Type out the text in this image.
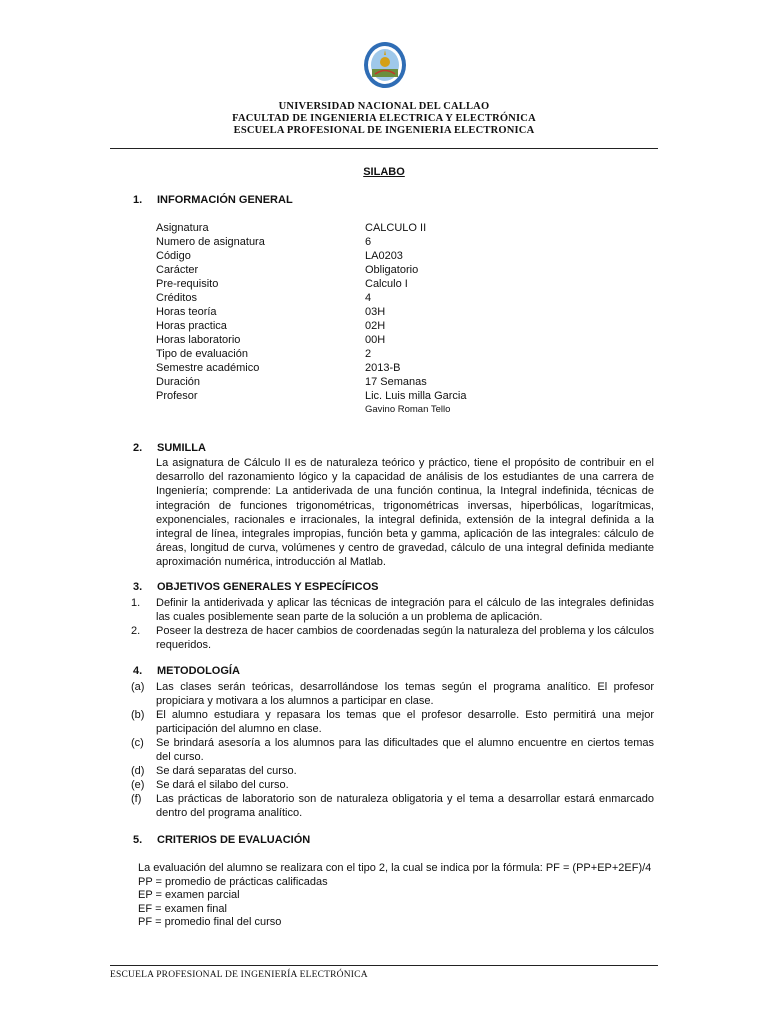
UNIVERSIDAD NACIONAL DEL CALLAO
FACULTAD DE INGENIERIA ELECTRICA Y ELECTRÓNICA
ESCUELA PROFESIONAL DE INGENIERIA ELECTRONICA
SILABO
1. INFORMACIÓN GENERAL
Asignatura	CALCULO II
Numero de asignatura	6
Código	LA0203
Carácter	Obligatorio
Pre-requisito	Calculo I
Créditos	4
Horas teoría	03H
Horas practica	02H
Horas laboratorio	00H
Tipo de evaluación	2
Semestre académico	2013-B
Duración	17 Semanas
Profesor	Lic. Luis milla Garcia
Gavino Roman Tello
2. SUMILLA
La asignatura de Cálculo II es de naturaleza teórico y práctico, tiene el propósito de contribuir en el desarrollo del razonamiento lógico y la capacidad de análisis de los estudiantes de una carrera de Ingeniería; comprende: La antiderivada de una función continua, la Integral indefinida, técnicas de integración de funciones trigonométricas, trigonométricas inversas, hiperbólicas, logarítmicas, exponenciales, racionales e irracionales, la integral definida, extensión de la integral definida a la integral de línea, integrales impropias, función beta y gamma, aplicación de las integrales: cálculo de áreas, longitud de curva, volúmenes y centro de gravedad, cálculo de una integral definida mediante aproximación numérica, introducción al Matlab.
3. OBJETIVOS GENERALES Y ESPECÍFICOS
1. Definir la antiderivada y aplicar las técnicas de integración para el cálculo de las integrales definidas las cuales posiblemente sean parte de la solución a un problema de aplicación.
2. Poseer la destreza de hacer cambios de coordenadas según la naturaleza del problema y los cálculos requeridos.
4. METODOLOGÍA
(a) Las clases serán teóricas, desarrollándose los temas según el programa analítico. El profesor propiciara y motivara a los alumnos a participar en clase.
(b) El alumno estudiara y repasara los temas que el profesor desarrolle. Esto permitirá una mejor participación del alumno en clase.
(c) Se brindará asesoría a los alumnos para las dificultades que el alumno encuentre en ciertos temas del curso.
(d) Se dará separatas del curso.
(e) Se dará el silabo del curso.
(f) Las prácticas de laboratorio son de naturaleza obligatoria y el tema a desarrollar estará enmarcado dentro del programa analítico.
5. CRITERIOS DE EVALUACIÓN
La evaluación del alumno se realizara con el tipo 2, la cual se indica por la fórmula: PF = (PP+EP+2EF)/4
PP = promedio de prácticas calificadas
EP = examen parcial
EF = examen final
PF = promedio final del curso
ESCUELA PROFESIONAL DE INGENIERÍA ELECTRÓNICA
